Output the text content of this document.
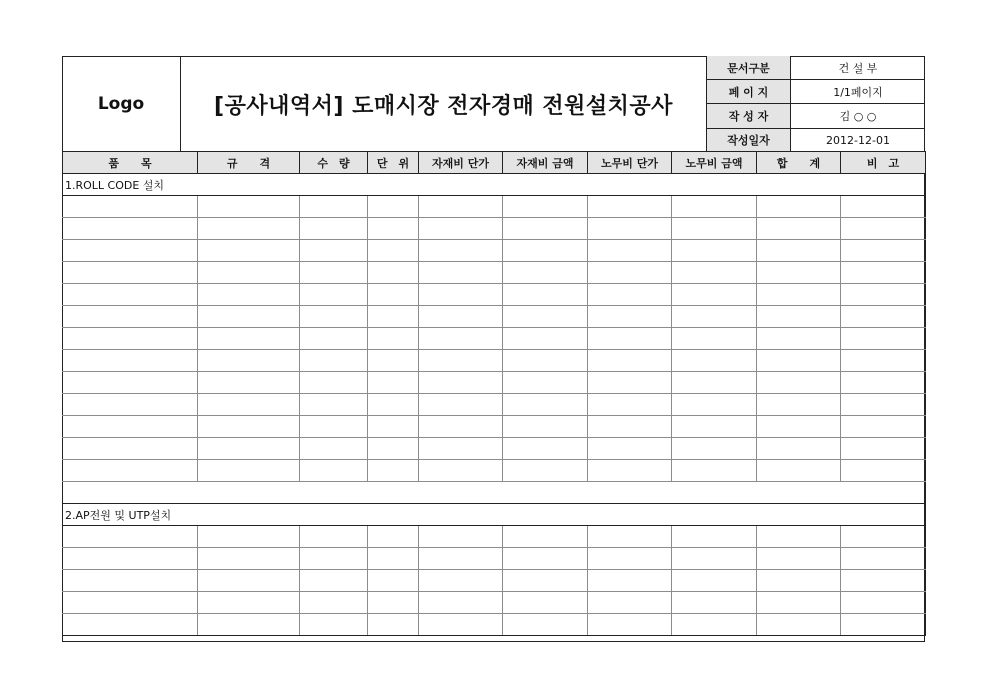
Logo	[공사내역서] 도매시장 전자경매 전원설치공사
문서구분	건 설 부
페 이 지	1/1페이지
작 성 자	김 ○ ○
작성일자	2012-12-01
품　　목	규　　격	수　량	단　위	자재비 단가	자재비 금액	노무비 단가	노무비 금액	합　　계	비　고
1.ROLL CODE 설치									

2.AP전원 및 UTP설치									
